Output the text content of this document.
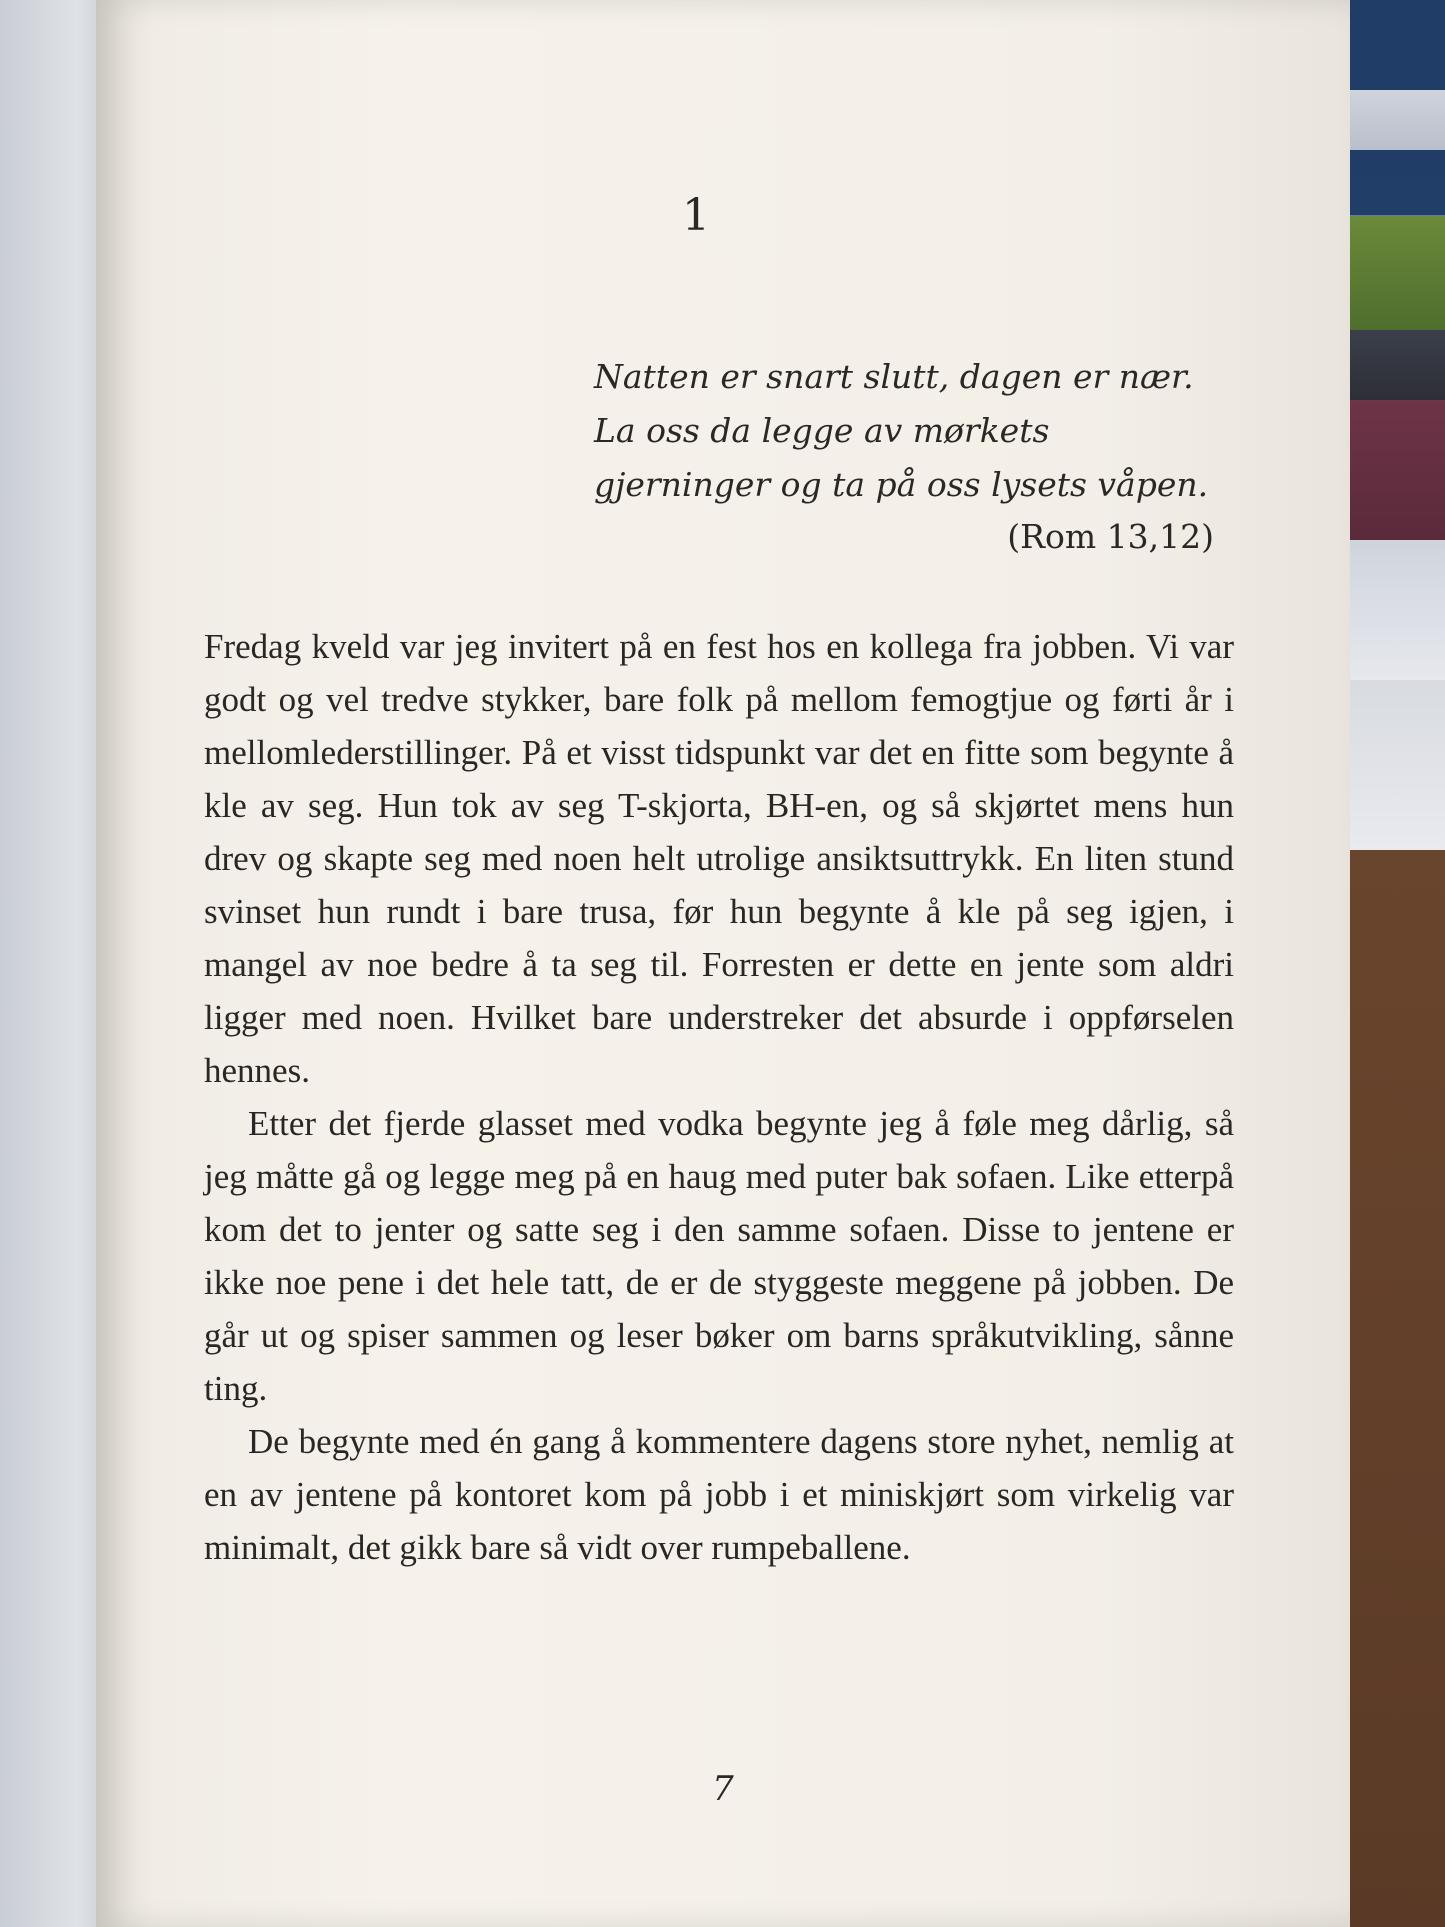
1
Natten er snart slutt, dagen er nær. La oss da legge av mørkets gjerninger og ta på oss lysets våpen.
(Rom 13,12)

Fredag kveld var jeg invitert på en fest hos en kollega fra jobben. Vi var godt og vel tredve stykker, bare folk på mellom femogtjue og førti år i mellomlederstillinger. På et visst tidspunkt var det en fitte som begynte å kle av seg. Hun tok av seg T-skjorta, BH-en, og så skjørtet mens hun drev og skapte seg med noen helt utrolige ansiktsuttrykk. En liten stund svinset hun rundt i bare trusa, før hun begynte å kle på seg igjen, i mangel av noe bedre å ta seg til. Forresten er dette en jente som aldri ligger med noen. Hvilket bare understreker det absurde i oppførselen hennes.

Etter det fjerde glasset med vodka begynte jeg å føle meg dårlig, så jeg måtte gå og legge meg på en haug med puter bak sofaen. Like etterpå kom det to jenter og satte seg i den samme sofaen. Disse to jentene er ikke noe pene i det hele tatt, de er de styggeste meggene på jobben. De går ut og spiser sammen og leser bøker om barns språkutvikling, sånne ting.

De begynte med én gang å kommentere dagens store nyhet, nemlig at en av jentene på kontoret kom på jobb i et miniskjørt som virkelig var minimalt, det gikk bare så vidt over rumpeballene.

7
